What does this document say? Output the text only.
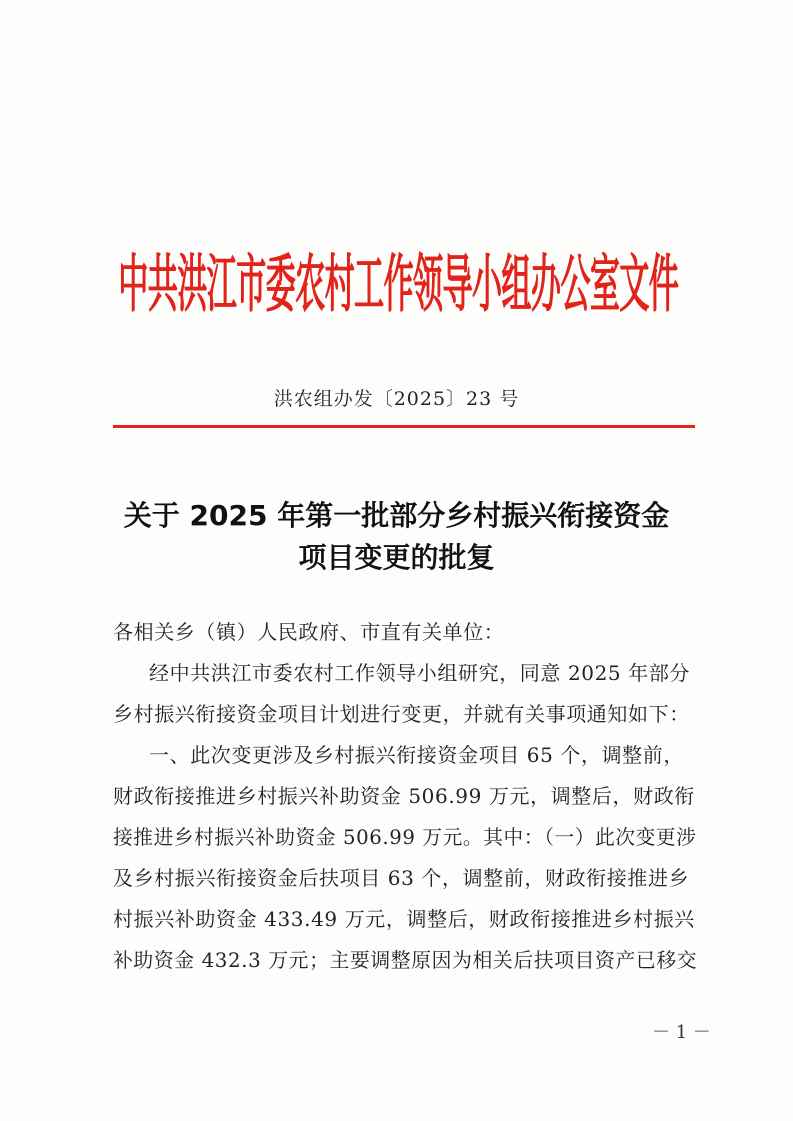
中共洪江市委农村工作领导小组办公室文件
洪农组办发〔2025〕23 号
关于 2025 年第一批部分乡村振兴衔接资金
项目变更的批复
各相关乡（镇）人民政府、市直有关单位：
经中共洪江市委农村工作领导小组研究，同意 2025 年部分
乡村振兴衔接资金项目计划进行变更，并就有关事项通知如下：
一、此次变更涉及乡村振兴衔接资金项目 65 个，调整前，
财政衔接推进乡村振兴补助资金 506.99 万元，调整后，财政衔
接推进乡村振兴补助资金 506.99 万元。其中：（一）此次变更涉
及乡村振兴衔接资金后扶项目 63 个，调整前，财政衔接推进乡
村振兴补助资金 433.49 万元，调整后，财政衔接推进乡村振兴
补助资金 432.3 万元；主要调整原因为相关后扶项目资产已移交
－ 1 －
